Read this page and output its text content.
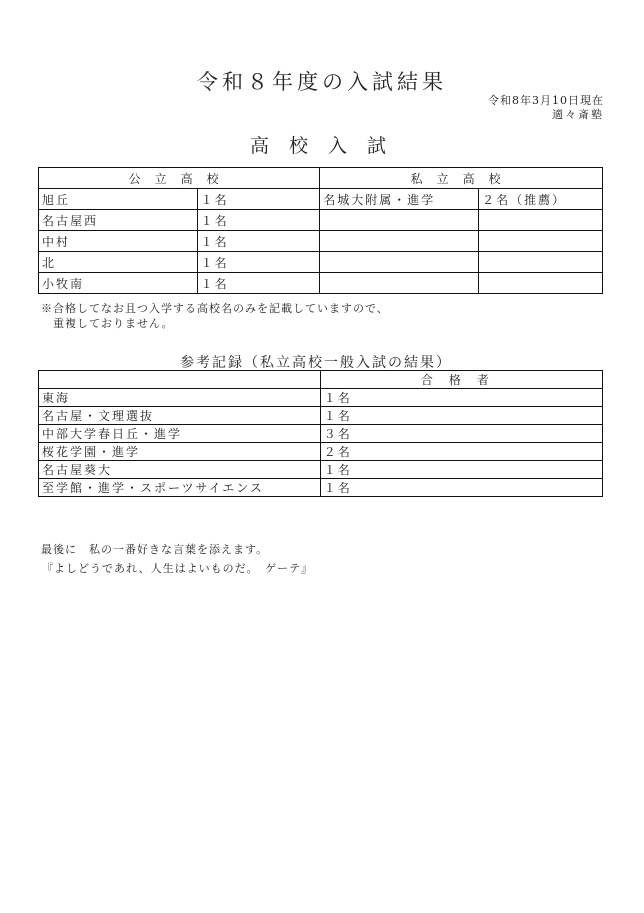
令和８年度の入試結果
令和8年3月10日現在
適々斎塾
高校入試
公立高校		私立高校	
旭丘	１名	名城大附属・進学	２名（推薦）
名古屋西	１名		
中村	１名		
北	１名		
小牧南	１名		
※合格してなお且つ入学する高校名のみを記載していますので、
重複しておりません。
参考記録（私立高校一般入試の結果）
	合格者
東海	１名
名古屋・文理選抜	１名
中部大学春日丘・進学	３名
桜花学園・進学	２名
名古屋葵大	１名
至学館・進学・スポーツサイエンス	１名
最後に　私の一番好きな言葉を添えます。
『よしどうであれ、人生はよいものだ。　ゲーテ』
